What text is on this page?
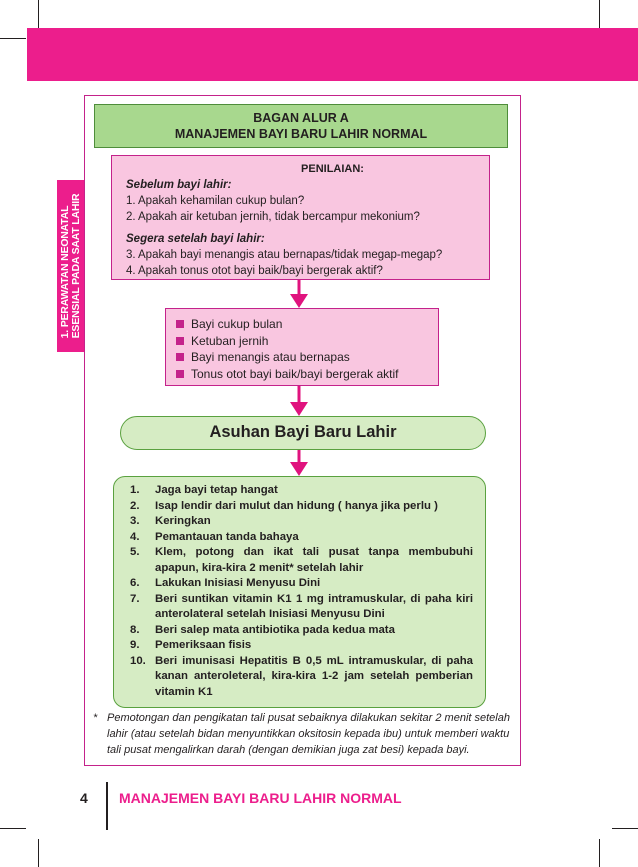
1. PERAWATAN NEONATAL ESENSIAL PADA SAAT LAHIR
BAGAN ALUR A
MANAJEMEN BAYI BARU LAHIR NORMAL
PENILAIAN:
Sebelum bayi lahir:
1. Apakah kehamilan cukup bulan?
2. Apakah air ketuban jernih, tidak bercampur mekonium?
Segera setelah bayi lahir:
3. Apakah bayi menangis atau bernapas/tidak megap-megap?
4. Apakah tonus otot bayi baik/bayi bergerak aktif?
Bayi cukup bulan
Ketuban jernih
Bayi menangis atau bernapas
Tonus otot bayi baik/bayi bergerak aktif
Asuhan Bayi Baru Lahir
1.	Jaga bayi tetap hangat
2.	Isap lendir dari mulut dan hidung ( hanya jika perlu )
3.	Keringkan
4.	Pemantauan tanda bahaya
5.	Klem, potong dan ikat tali pusat tanpa membubuhi apapun, kira-kira 2 menit* setelah lahir
6.	Lakukan Inisiasi Menyusu Dini
7.	Beri suntikan vitamin K1 1 mg intramuskular, di paha kiri anterolateral setelah Inisiasi Menyusu Dini
8.	Beri salep mata antibiotika pada kedua mata
9.	Pemeriksaan fisis
10. Beri imunisasi Hepatitis B 0,5 mL intramuskular, di paha kanan anteroleteral, kira-kira 1-2 jam setelah pemberian vitamin K1
* Pemotongan dan pengikatan tali pusat sebaiknya dilakukan sekitar 2 menit setelah lahir (atau setelah bidan menyuntikkan oksitosin kepada ibu) untuk memberi waktu tali pusat mengalirkan darah (dengan demikian juga zat besi) kepada bayi.
4 MANAJEMEN BAYI BARU LAHIR NORMAL
